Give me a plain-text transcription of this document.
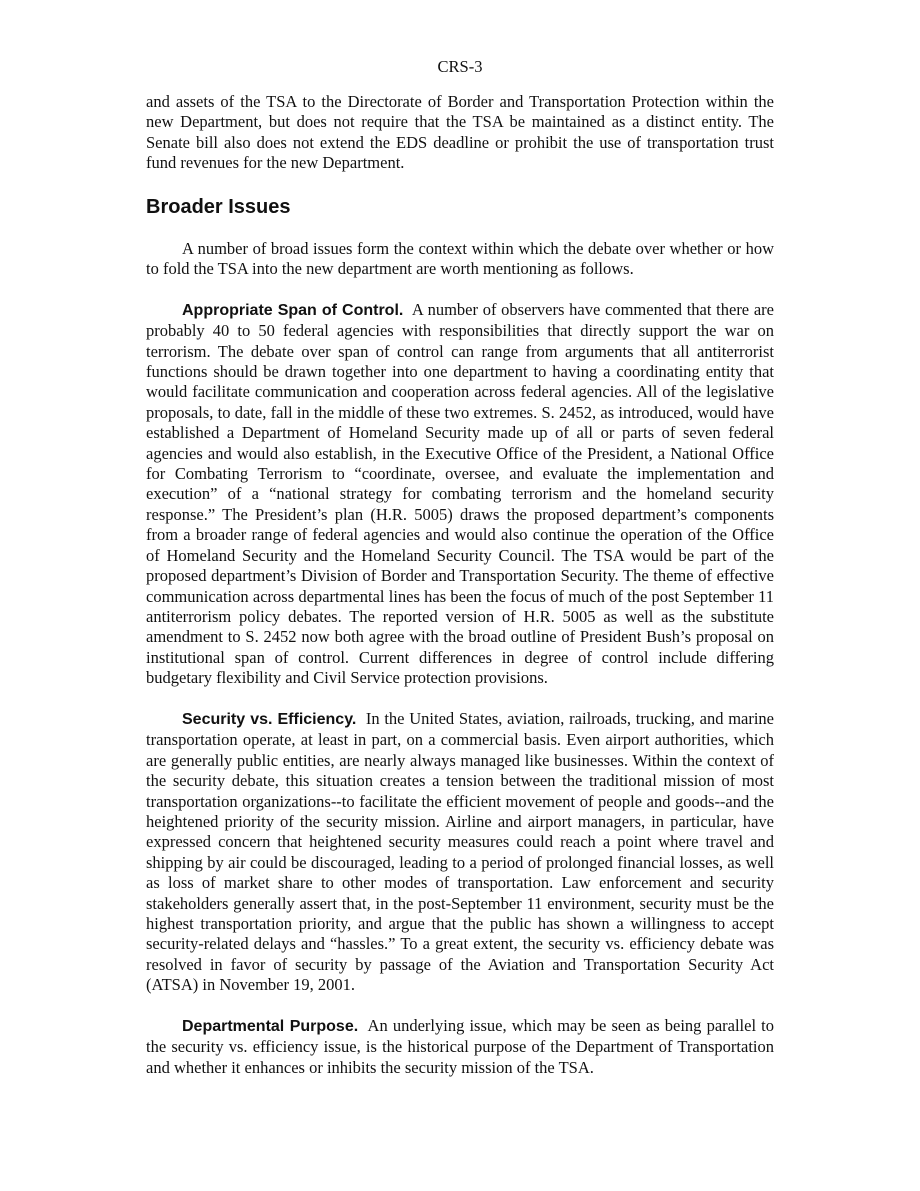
CRS-3

and assets of the TSA to the Directorate of Border and Transportation Protection within the new Department, but does not require that the TSA be maintained as a distinct entity. The Senate bill also does not extend the EDS deadline or prohibit the use of transportation trust fund revenues for the new Department.

Broader Issues

A number of broad issues form the context within which the debate over whether or how to fold the TSA into the new department are worth mentioning as follows.

Appropriate Span of Control. A number of observers have commented that there are probably 40 to 50 federal agencies with responsibilities that directly support the war on terrorism. The debate over span of control can range from arguments that all antiterrorist functions should be drawn together into one department to having a coordinating entity that would facilitate communication and cooperation across federal agencies. All of the legislative proposals, to date, fall in the middle of these two extremes. S. 2452, as introduced, would have established a Department of Homeland Security made up of all or parts of seven federal agencies and would also establish, in the Executive Office of the President, a National Office for Combating Terrorism to “coordinate, oversee, and evaluate the implementation and execution” of a “national strategy for combating terrorism and the homeland security response.” The President’s plan (H.R. 5005) draws the proposed department’s components from a broader range of federal agencies and would also continue the operation of the Office of Homeland Security and the Homeland Security Council. The TSA would be part of the proposed department’s Division of Border and Transportation Security. The theme of effective communication across departmental lines has been the focus of much of the post September 11 antiterrorism policy debates. The reported version of H.R. 5005 as well as the substitute amendment to S. 2452 now both agree with the broad outline of President Bush’s proposal on institutional span of control. Current differences in degree of control include differing budgetary flexibility and Civil Service protection provisions.

Security vs. Efficiency. In the United States, aviation, railroads, trucking, and marine transportation operate, at least in part, on a commercial basis. Even airport authorities, which are generally public entities, are nearly always managed like businesses. Within the context of the security debate, this situation creates a tension between the traditional mission of most transportation organizations--to facilitate the efficient movement of people and goods--and the heightened priority of the security mission. Airline and airport managers, in particular, have expressed concern that heightened security measures could reach a point where travel and shipping by air could be discouraged, leading to a period of prolonged financial losses, as well as loss of market share to other modes of transportation. Law enforcement and security stakeholders generally assert that, in the post-September 11 environment, security must be the highest transportation priority, and argue that the public has shown a willingness to accept security-related delays and “hassles.” To a great extent, the security vs. efficiency debate was resolved in favor of security by passage of the Aviation and Transportation Security Act (ATSA) in November 19, 2001.

Departmental Purpose. An underlying issue, which may be seen as being parallel to the security vs. efficiency issue, is the historical purpose of the Department of Transportation and whether it enhances or inhibits the security mission of the TSA.
